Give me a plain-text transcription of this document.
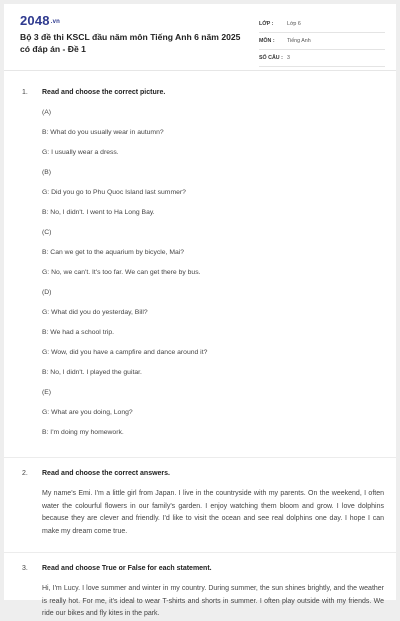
2048.vn
Bộ 3 đề thi KSCL đầu năm môn Tiếng Anh 6 năm 2025 có đáp án - Đề 1
LỚP :	Lớp 6
MÔN :	Tiếng Anh
SỐ CÂU : 3
1. Read and choose the correct picture.
(A)
B: What do you usually wear in autumn?
G: I usually wear a dress.
(B)
G: Did you go to Phu Quoc Island last summer?
B: No, I didn't. I went to Ha Long Bay.
(C)
B: Can we get to the aquarium by bicycle, Mai?
G: No, we can't. It's too far. We can get there by bus.
(D)
G: What did you do yesterday, Bill?
B: We had a school trip.
G: Wow, did you have a campfire and dance around it?
B: No, I didn't. I played the guitar.
(E)
G: What are you doing, Long?
B: I'm doing my homework.
2. Read and choose the correct answers.
My name's Emi. I'm a little girl from Japan. I live in the countryside with my parents. On the weekend, I often water the colourful flowers in our family's garden. I enjoy watching them bloom and grow. I love dolphins because they are clever and friendly. I'd like to visit the ocean and see real dolphins one day. I hope I can make my dream come true.
3. Read and choose True or False for each statement.
Hi, I'm Lucy. I love summer and winter in my country. During summer, the sun shines brightly, and the weather is really hot. For me, it's ideal to wear T-shirts and shorts in summer. I often play outside with my friends. We ride our bikes and fly kites in the park.
